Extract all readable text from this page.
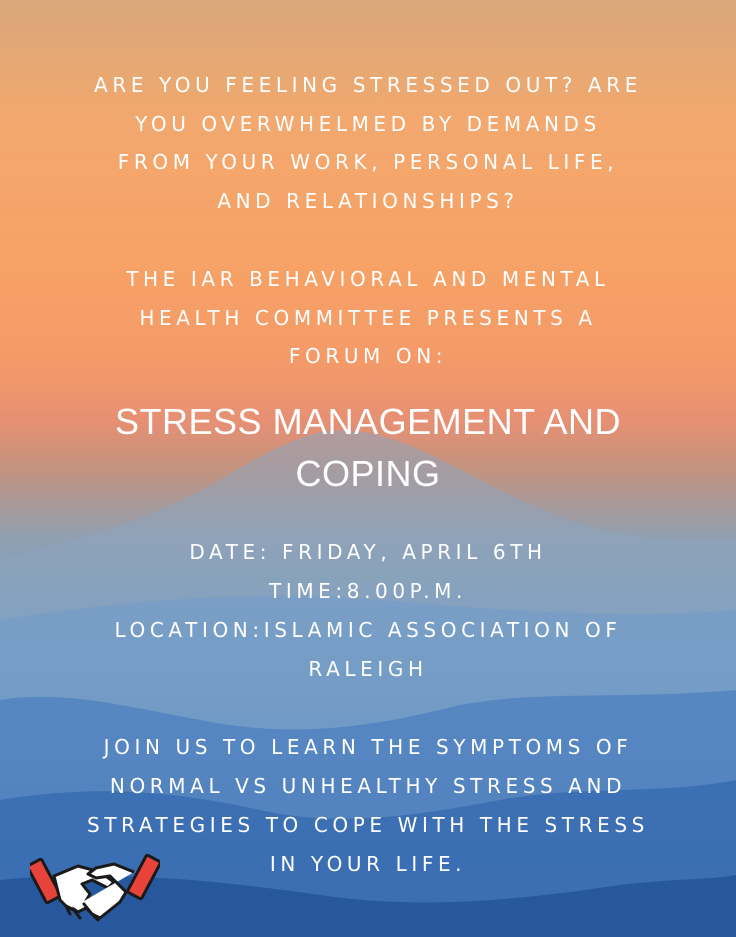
ARE YOU FEELING STRESSED OUT? ARE
YOU OVERWHELMED BY DEMANDS
FROM YOUR WORK, PERSONAL LIFE,
AND RELATIONSHIPS?
THE IAR BEHAVIORAL AND MENTAL
HEALTH COMMITTEE PRESENTS A
FORUM ON:
STRESS MANAGEMENT AND
COPING
DATE: FRIDAY, APRIL 6TH
TIME:8.00P.M.
LOCATION:ISLAMIC ASSOCIATION OF
RALEIGH
JOIN US TO LEARN THE SYMPTOMS OF
NORMAL VS UNHEALTHY STRESS AND
STRATEGIES TO COPE WITH THE STRESS
IN YOUR LIFE.
